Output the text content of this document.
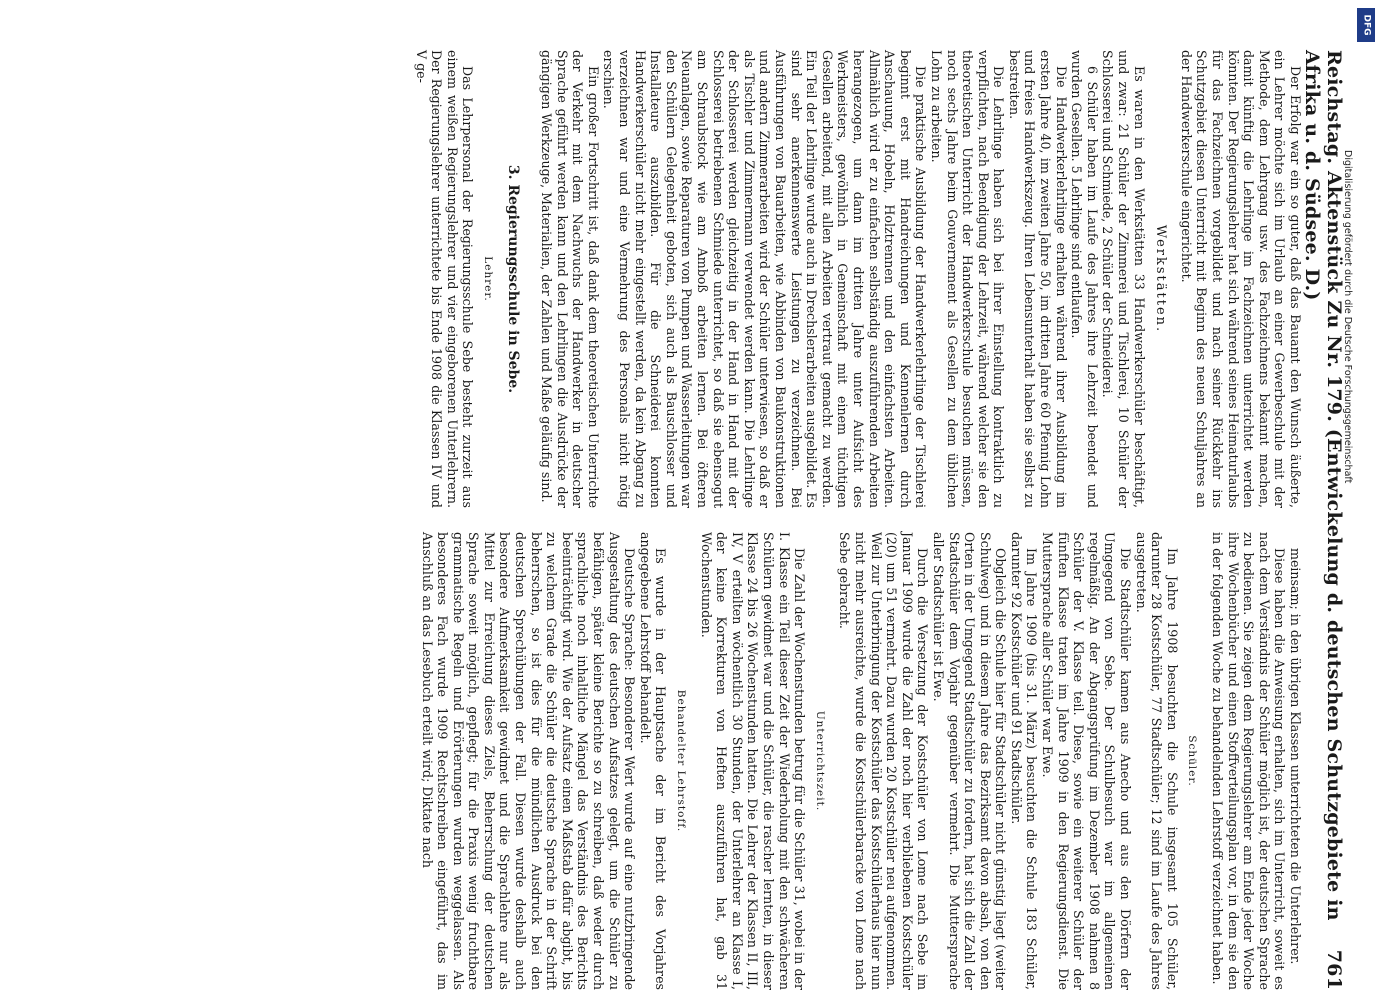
DFG
Digitalisierung gefördert durch die Deutsche Forschungsgemeinschaft
Reichstag. Aktenstück Zu Nr. 179. (Entwickelung d. deutschen Schutzgebiete in Afrika u. d. Südsee. D.)
761

Der Erfolg war ein so guter, daß das Bauamt den Wunsch äußerte, ein Lehrer möchte sich im Urlaub an einer Gewerbeschule mit der Methode, dem Lehrgang usw. des Fachzeichnens bekannt machen, damit künftig die Lehrlinge im Fachzeichnen unterrichtet werden könnten. Der Regierungslehrer hat sich während seines Heimaturlaubs für das Fachzeichnen vorgebildet und nach seiner Rückkehr ins Schutzgebiet diesen Unterricht mit Beginn des neuen Schuljahres an der Handwerkerschule eingerichtet.

Werkstätten.

Es waren in den Werkstätten 33 Handwerkerschüler beschäftigt, und zwar: 21 Schüler der Zimmerei und Tischlerei, 10 Schüler der Schlosserei und Schmiede, 2 Schüler der Schneiderei.

6 Schüler haben im Laufe des Jahres ihre Lehrzeit beendet und wurden Gesellen. 5 Lehrlinge sind entlaufen.

Die Handwerkerlehrlinge erhalten während ihrer Ausbildung im ersten Jahre 40, im zweiten Jahre 50, im dritten Jahre 60 Pfennig Lohn und freies Handwerkszeug. Ihren Lebensunterhalt haben sie selbst zu bestreiten.

Die Lehrlinge haben sich bei ihrer Einstellung kontraktlich zu verpflichten, nach Beendigung der Lehrzeit, während welcher sie den theoretischen Unterricht der Handwerkerschule besuchen müssen, noch sechs Jahre beim Gouvernement als Gesellen zu dem üblichen Lohn zu arbeiten.

Die praktische Ausbildung der Handwerkerlehrlinge der Tischlerei beginnt erst mit Handreichungen und Kennenlernen durch Anschauung, Hobeln, Holztrennen und den einfachsten Arbeiten. Allmählich wird er zu einfachen selbständig auszuführenden Arbeiten herangezogen, um dann im dritten Jahre unter Aufsicht des Werkmeisters, gewöhnlich in Gemeinschaft mit einem tüchtigen Gesellen arbeitend, mit allen Arbeiten vertraut gemacht zu werden. Ein Teil der Lehrlinge wurde auch in Drechslerarbeiten ausgebildet. Es sind sehr anerkennenswerte Leistungen zu verzeichnen. Bei Ausführungen von Bauarbeiten, wie Abbinden von Baukonstruktionen und andern Zimmerarbeiten wird der Schüler unterwiesen, so daß er als Tischler und Zimmermann verwendet werden kann. Die Lehrlinge der Schlosserei werden gleichzeitig in der Hand in Hand mit der Schlosserei betriebenen Schmiede unterrichtet, so daß sie ebensogut am Schraubstock wie am Amboß arbeiten lernen. Bei öfteren Neuanlagen, sowie Reparaturen von Pumpen und Wasserleitungen war den Schülern Gelegenheit geboten, sich auch als Bauschlosser und Installateure auszubilden. Für die Schneiderei konnten Handwerkerschüler nicht mehr eingestellt werden, da kein Abgang zu verzeichnen war und eine Vermehrung des Personals nicht nötig erschien.

Ein großer Fortschritt ist, daß dank dem theoretischen Unterrichte der Verkehr mit dem Nachwuchs der Handwerker in deutscher Sprache geführt werden kann und den Lehrlingen die Ausdrücke der gängigen Werkzeuge, Materialien, der Zahlen und Maße geläufig sind.

3. Regierungsschule in Sebe.

Lehrer.

Das Lehrpersonal der Regierungsschule Sebe besteht zurzeit aus einem weißen Regierungslehrer und vier eingeborenen Unterlehrern. Der Regierungslehrer unterrichtete bis Ende 1908 die Klassen IV und V ge-

meinsam; in den übrigen Klassen unterrichteten die Unterlehrer.

Diese haben die Anweisung erhalten, sich im Unterricht, soweit es nach dem Verständnis der Schüler möglich ist, der deutschen Sprache zu bedienen. Sie zeigen dem Regierungslehrer am Ende jeder Woche ihre Wochenbücher und einen Stoffverteilungsplan vor, in dem sie den in der folgenden Woche zu behandelnden Lehrstoff verzeichnet haben.

Schüler.

Im Jahre 1908 besuchten die Schule insgesamt 105 Schüler, darunter 28 Kostschüler, 77 Stadtschüler; 12 sind im Laufe des Jahres ausgetreten.

Die Stadtschüler kamen aus Anecho und aus den Dörfern der Umgegend von Sebe. Der Schulbesuch war im allgemeinen regelmäßig. An der Abgangsprüfung im Dezember 1908 nahmen 8 Schüler der V. Klasse teil. Diese, sowie ein weiterer Schüler der fünften Klasse traten im Jahre 1909 in den Regierungsdienst. Die Muttersprache aller Schüler war Ewe.

Im Jahre 1909 (bis 31. März) besuchten die Schule 183 Schüler, darunter 92 Kostschüler und 91 Stadtschüler.

Obgleich die Schule hier für Stadtschüler nicht günstig liegt (weiter Schulweg) und in diesem Jahre das Bezirksamt davon absah, von den Orten in der Umgegend Stadtschüler zu fordern, hat sich die Zahl der Stadtschüler dem Vorjahr gegenüber vermehrt. Die Muttersprache aller Stadtschüler ist Ewe.

Durch die Versetzung der Kostschüler von Lome nach Sebe im Januar 1909 wurde die Zahl der noch hier verbliebenen Kostschüler (20) um 51 vermehrt. Dazu wurden 20 Kostschüler neu aufgenommen. Weil zur Unterbringung der Kostschüler das Kostschülerhaus hier nun nicht mehr ausreichte, wurde die Kostschülerbaracke von Lome nach Sebe gebracht.

Unterrichtszeit.

Die Zahl der Wochenstunden betrug für die Schüler 31, wobei in der I. Klasse ein Teil dieser Zeit der Wiederholung mit den schwächeren Schülern gewidmet war und die Schüler, die rascher lernten, in dieser Klasse 24 bis 26 Wochenstunden hatten. Die Lehrer der Klassen II, III, IV, V erteilten wöchentlich 30 Stunden, der Unterlehrer an Klasse I, der keine Korrekturen von Heften auszuführen hat, gab 31 Wochenstunden.

Behandelter Lehrstoff.

Es wurde in der Hauptsache der im Bericht des Vorjahres angegebene Lehrstoff behandelt.

Deutsche Sprache: Besonderer Wert wurde auf eine nutzbringende Ausgestaltung des deutschen Aufsatzes gelegt, um die Schüler zu befähigen, später kleine Berichte so zu schreiben, daß weder durch sprachliche noch inhaltliche Mängel das Verständnis des Berichts beeinträchtigt wird. Wie der Aufsatz einen Maßstab dafür abgibt, bis zu welchem Grade die Schüler die deutsche Sprache in der Schrift beherrschen, so ist dies für die mündlichen Ausdruck bei den deutschen Sprechübungen der Fall. Diesen wurde deshalb auch besondere Aufmerksamkeit gewidmet und die Sprachlehre nur als Mittel zur Erreichung dieses Ziels, Beherrschung der deutschen Sprache soweit möglich, gepflegt; für die Praxis wenig fruchtbare grammatische Regeln und Erörterungen wurden weggelassen. Als besonderes Fach wurde 1909 Rechtschreiben eingeführt, das im Anschluß an das Lesebuch erteilt wird; Diktate nach
